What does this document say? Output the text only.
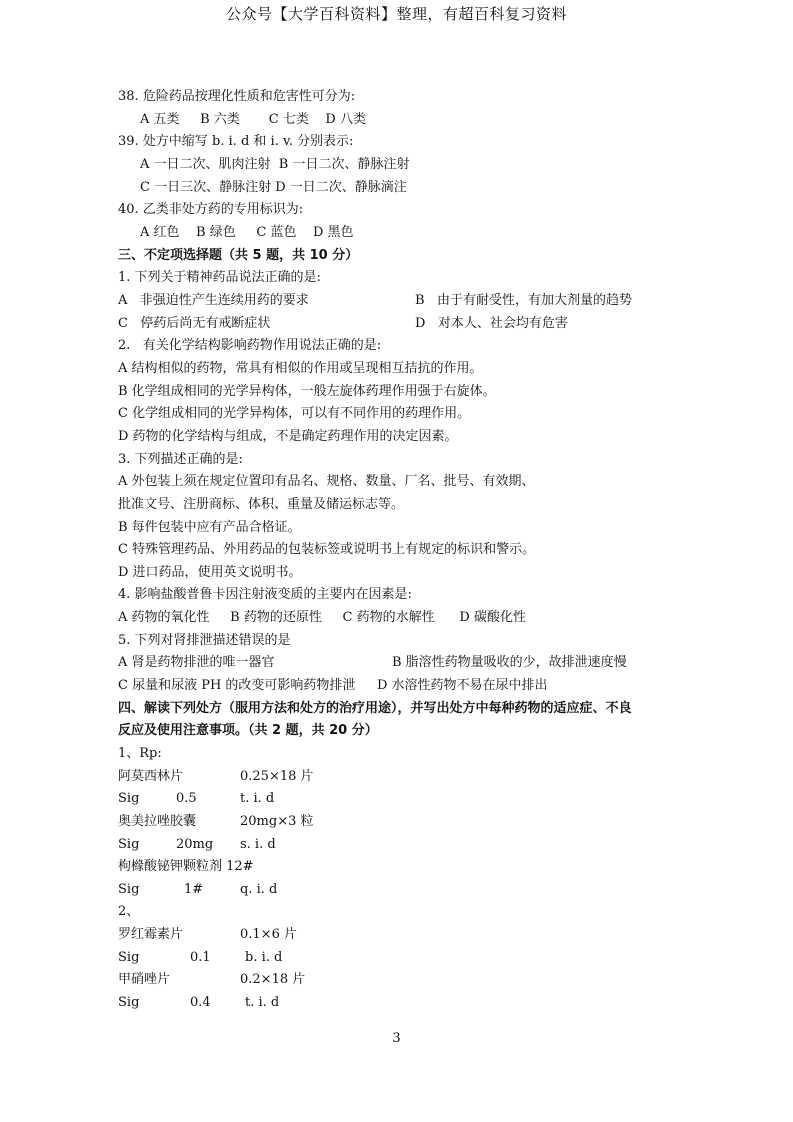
公众号【大学百科资料】整理，有超百科复习资料
38. 危险药品按理化性质和危害性可分为:
A 五类     B 六类       C 七类    D 八类
39. 处方中缩写 b. i. d 和 i. v. 分别表示:
A 一日二次、肌肉注射  B 一日二次、静脉注射
C 一日三次、静脉注射 D 一日二次、静脉滴注
40. 乙类非处方药的专用标识为:
A 红色    B 绿色     C 蓝色    D 黑色
三、不定项选择题（共 5 题，共 10 分）
1. 下列关于精神药品说法正确的是:
A   非强迫性产生连续用药的要求	B   由于有耐受性，有加大剂量的趋势
C   停药后尚无有戒断症状	D   对本人、社会均有危害
2.   有关化学结构影响药物作用说法正确的是:
A 结构相似的药物，常具有相似的作用或呈现相互拮抗的作用。
B 化学组成相同的光学异构体，一般左旋体药理作用强于右旋体。
C 化学组成相同的光学异构体，可以有不同作用的药理作用。
D 药物的化学结构与组成，不是确定药理作用的决定因素。
3. 下列描述正确的是:
A 外包装上须在规定位置印有品名、规格、数量、厂名、批号、有效期、
批准文号、注册商标、体积、重量及储运标志等。
B 每件包装中应有产品合格证。
C 特殊管理药品、外用药品的包装标签或说明书上有规定的标识和警示。
D 进口药品，使用英文说明书。
4. 影响盐酸普鲁卡因注射液变质的主要内在因素是:
A 药物的氧化性     B 药物的还原性     C 药物的水解性      D 碳酸化性
5. 下列对肾排泄描述错误的是
A 肾是药物排泄的唯一器官	B 脂溶性药物量吸收的少，故排泄速度慢
C 尿量和尿液 PH 的改变可影响药物排泄 D 水溶性药物不易在尿中排出
四、解读下列处方（服用方法和处方的治疗用途），并写出处方中每种药物的适应症、不良
反应及使用注意事项。（共 2 题，共 20 分）
1、Rp:
阿莫西林片	0.25×18 片
Sig	0.5	t. i. d
奥美拉唑胶囊	20mg×3 粒
Sig	20mg s. i. d
枸橼酸铋钾颗粒剂 12#
Sig	1#	q. i. d
2、
罗红霉素片	0.1×6 片
Sig	0.1	b. i. d
甲硝唑片	0.2×18 片
Sig	0.4	t. i. d
3
